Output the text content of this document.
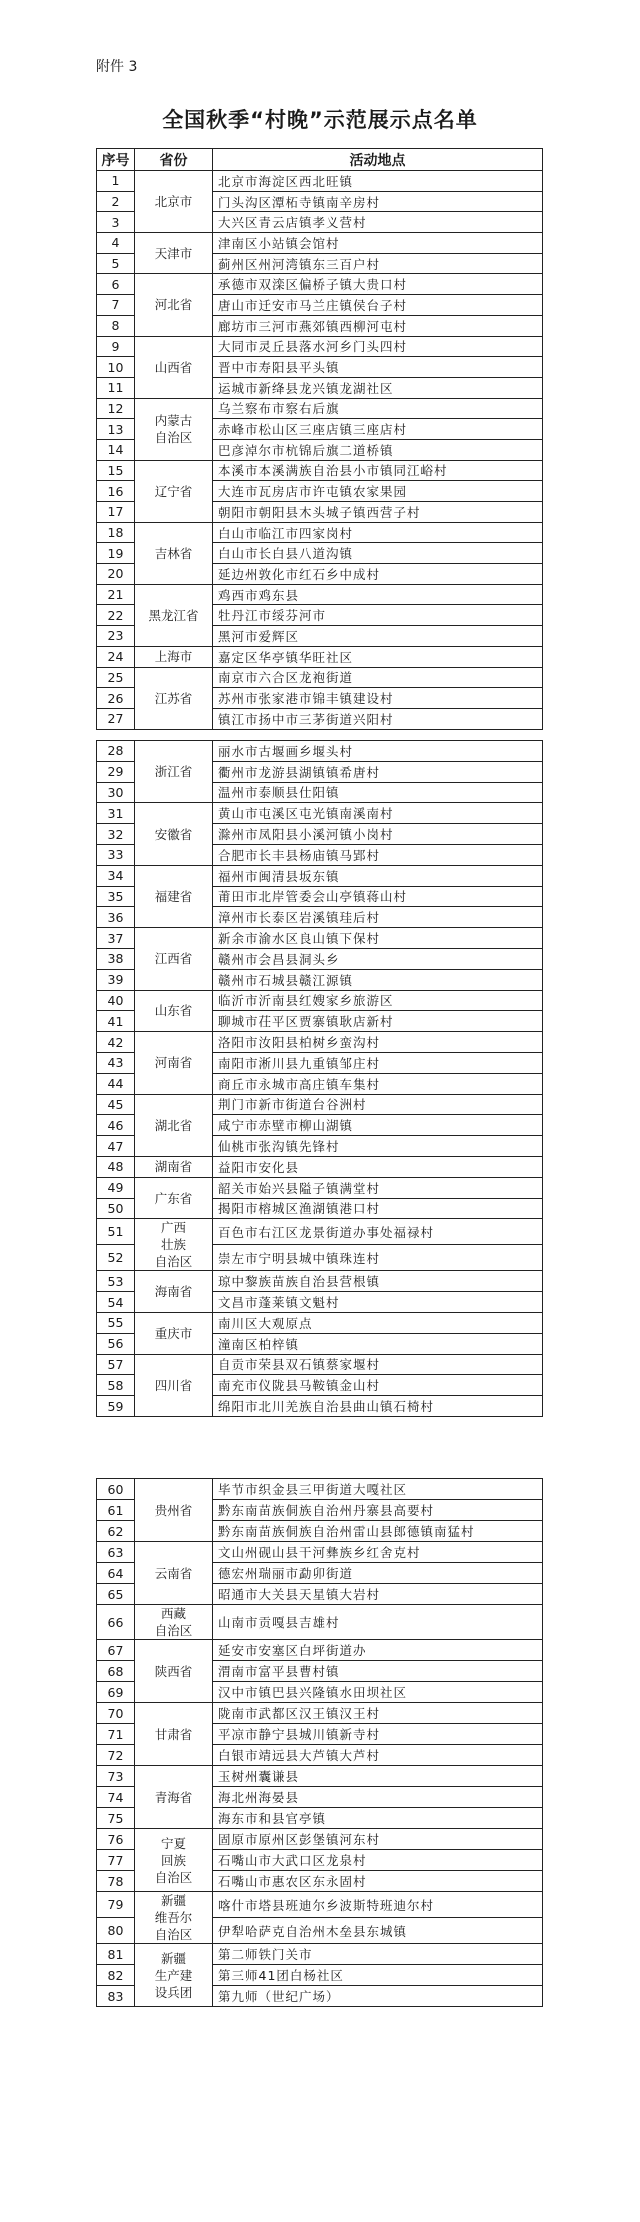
附件 3
全国秋季“村晚”示范展示点名单
序号	省份	活动地点
1	北京市	北京市海淀区西北旺镇
2		门头沟区潭柘寺镇南辛房村
3		大兴区青云店镇孝义营村
4	天津市	津南区小站镇会馆村
5		蓟州区州河湾镇东三百户村
6	河北省	承德市双滦区偏桥子镇大贵口村
7		唐山市迁安市马兰庄镇侯台子村
8		廊坊市三河市燕郊镇西柳河屯村
9	山西省	大同市灵丘县落水河乡门头四村
10		晋中市寿阳县平头镇
11		运城市新绛县龙兴镇龙湖社区
12	内蒙古
自治区	乌兰察布市察右后旗
13		赤峰市松山区三座店镇三座店村
14		巴彦淖尔市杭锦后旗二道桥镇
15	辽宁省	本溪市本溪满族自治县小市镇同江峪村
16		大连市瓦房店市许屯镇农家果园
17		朝阳市朝阳县木头城子镇西营子村
18	吉林省	白山市临江市四家岗村
19		白山市长白县八道沟镇
20		延边州敦化市红石乡中成村
21	黑龙江省	鸡西市鸡东县
22		牡丹江市绥芬河市
23		黑河市爱辉区
24	上海市	嘉定区华亭镇华旺社区
25	江苏省	南京市六合区龙袍街道
26		苏州市张家港市锦丰镇建设村
27		镇江市扬中市三茅街道兴阳村
28	浙江省	丽水市古堰画乡堰头村
29		衢州市龙游县湖镇镇希唐村
30		温州市泰顺县仕阳镇
31	安徽省	黄山市屯溪区屯光镇南溪南村
32		滁州市凤阳县小溪河镇小岗村
33		合肥市长丰县杨庙镇马郢村
34	福建省	福州市闽清县坂东镇
35		莆田市北岸管委会山亭镇蒋山村
36		漳州市长泰区岩溪镇珪后村
37	江西省	新余市渝水区良山镇下保村
38		赣州市会昌县洞头乡
39		赣州市石城县赣江源镇
40	山东省	临沂市沂南县红嫂家乡旅游区
41		聊城市茌平区贾寨镇耿店新村
42	河南省	洛阳市汝阳县柏树乡蛮沟村
43		南阳市淅川县九重镇邹庄村
44		商丘市永城市高庄镇车集村
45	湖北省	荆门市新市街道台谷洲村
46		咸宁市赤壁市柳山湖镇
47		仙桃市张沟镇先锋村
48	湖南省	益阳市安化县
49	广东省	韶关市始兴县隘子镇满堂村
50		揭阳市榕城区渔湖镇港口村
51	广西
壮族
自治区	百色市右江区龙景街道办事处福禄村
52		崇左市宁明县城中镇珠连村
53	海南省	琼中黎族苗族自治县营根镇
54		文昌市蓬莱镇文魁村
55	重庆市	南川区大观原点
56		潼南区柏梓镇
57	四川省	自贡市荣县双石镇蔡家堰村
58		南充市仪陇县马鞍镇金山村
59		绵阳市北川羌族自治县曲山镇石椅村
60	贵州省	毕节市织金县三甲街道大嘎社区
61		黔东南苗族侗族自治州丹寨县高要村
62		黔东南苗族侗族自治州雷山县郎德镇南猛村
63	云南省	文山州砚山县干河彝族乡红舍克村
64		德宏州瑞丽市勐卯街道
65		昭通市大关县天星镇大岩村
66	西藏
自治区	山南市贡嘎县吉雄村
67	陕西省	延安市安塞区白坪街道办
68		渭南市富平县曹村镇
69		汉中市镇巴县兴隆镇水田坝社区
70	甘肃省	陇南市武都区汉王镇汉王村
71		平凉市静宁县城川镇新寺村
72		白银市靖远县大芦镇大芦村
73	青海省	玉树州囊谦县
74		海北州海晏县
75		海东市和县官亭镇
76	宁夏
回族
自治区	固原市原州区彭堡镇河东村
77		石嘴山市大武口区龙泉村
78		石嘴山市惠农区东永固村
79	新疆
维吾尔
自治区	喀什市塔县班迪尔乡波斯特班迪尔村
80		伊犁哈萨克自治州木垒县东城镇
81	新疆
生产建
设兵团	第二师铁门关市
82		第三师41团白杨社区
83		第九师（世纪广场）
